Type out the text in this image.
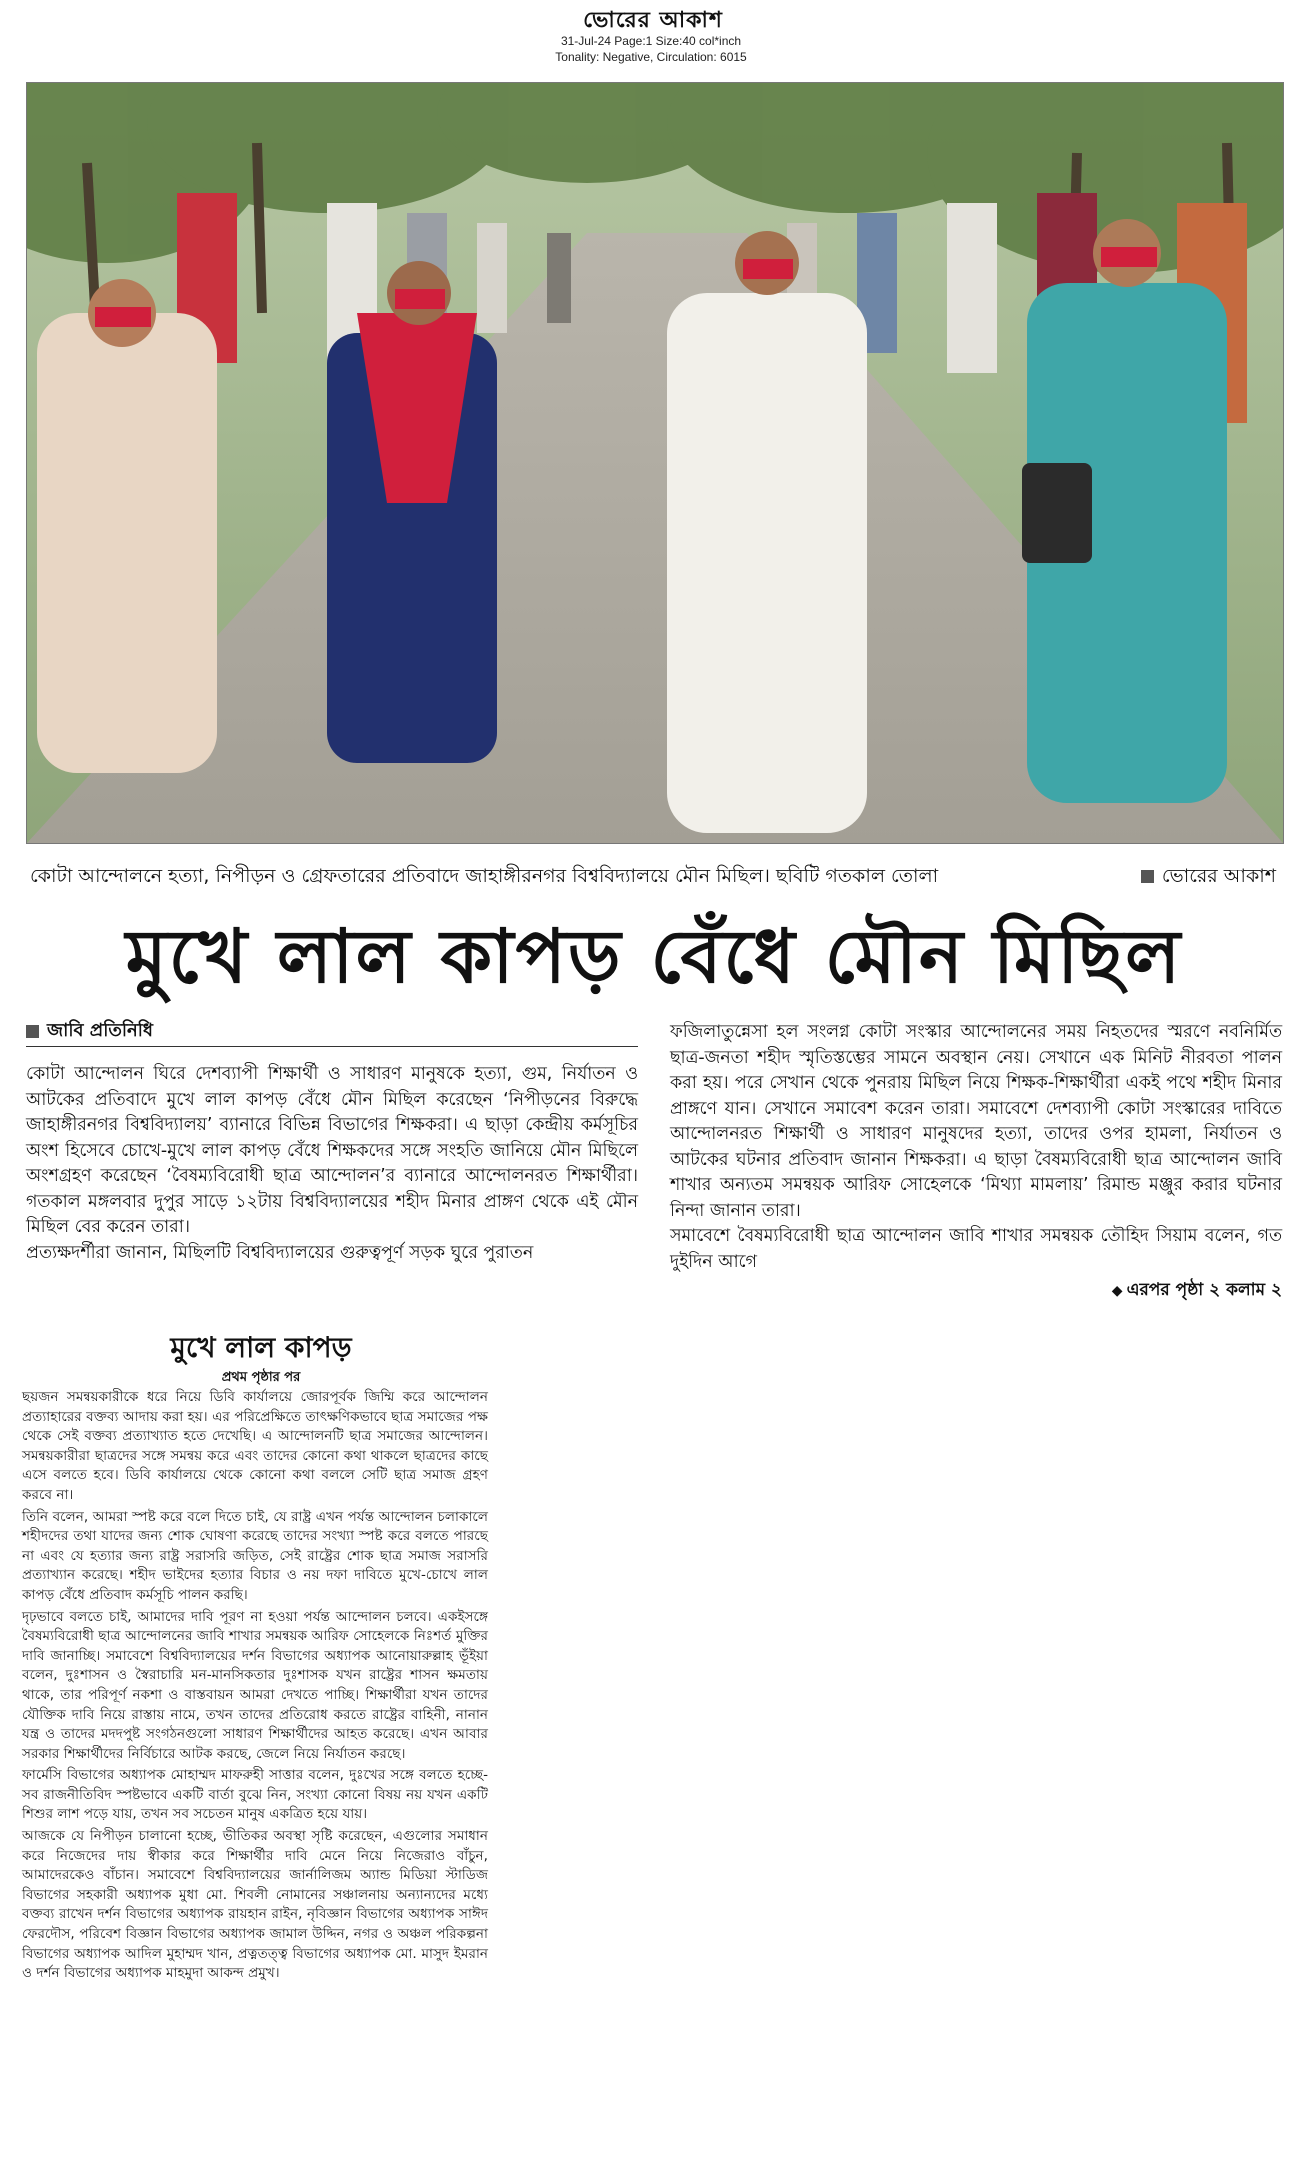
ভোরের আকাশ
31-Jul-24 Page:1 Size:40 col*inch
Tonality: Negative, Circulation: 6015
কোটা আন্দোলনে হত্যা, নিপীড়ন ও গ্রেফতারের প্রতিবাদে জাহাঙ্গীরনগর বিশ্ববিদ্যালয়ে মৌন মিছিল। ছবিটি গতকাল তোলা	ভোরের আকাশ
মুখে লাল কাপড় বেঁধে মৌন মিছিল
জাবি প্রতিনিধি

কোটা আন্দোলন ঘিরে দেশব্যাপী শিক্ষার্থী ও সাধারণ মানুষকে হত্যা, গুম, নির্যাতন ও আটকের প্রতিবাদে মুখে লাল কাপড় বেঁধে মৌন মিছিল করেছেন ‘নিপীড়নের বিরুদ্ধে জাহাঙ্গীরনগর বিশ্ববিদ্যালয়’ ব্যানারে বিভিন্ন বিভাগের শিক্ষকরা। এ ছাড়া কেন্দ্রীয় কর্মসূচির অংশ হিসেবে চোখে-মুখে লাল কাপড় বেঁধে শিক্ষকদের সঙ্গে সংহতি জানিয়ে মৌন মিছিলে অংশগ্রহণ করেছেন ‘বৈষম্যবিরোধী ছাত্র আন্দোলন’র ব্যানারে আন্দোলনরত শিক্ষার্থীরা। গতকাল মঙ্গলবার দুপুর সাড়ে ১২টায় বিশ্ববিদ্যালয়ের শহীদ মিনার প্রাঙ্গণ থেকে এই মৌন মিছিল বের করেন তারা।

প্রত্যক্ষদর্শীরা জানান, মিছিলটি বিশ্ববিদ্যালয়ের গুরুত্বপূর্ণ সড়ক ঘুরে পুরাতন

ফজিলাতুন্নেসা হল সংলগ্ন কোটা সংস্কার আন্দোলনের সময় নিহতদের স্মরণে নবনির্মিত ছাত্র-জনতা শহীদ স্মৃতিস্তম্ভের সামনে অবস্থান নেয়। সেখানে এক মিনিট নীরবতা পালন করা হয়। পরে সেখান থেকে পুনরায় মিছিল নিয়ে শিক্ষক-শিক্ষার্থীরা একই পথে শহীদ মিনার প্রাঙ্গণে যান। সেখানে সমাবেশ করেন তারা। সমাবেশে দেশব্যাপী কোটা সংস্কারের দাবিতে আন্দোলনরত শিক্ষার্থী ও সাধারণ মানুষদের হত্যা, তাদের ওপর হামলা, নির্যাতন ও আটকের ঘটনার প্রতিবাদ জানান শিক্ষকরা। এ ছাড়া বৈষম্যবিরোধী ছাত্র আন্দোলন জাবি শাখার অন্যতম সমন্বয়ক আরিফ সোহেলকে ‘মিথ্যা মামলায়’ রিমান্ড মঞ্জুর করার ঘটনার নিন্দা জানান তারা।

সমাবেশে বৈষম্যবিরোধী ছাত্র আন্দোলন জাবি শাখার সমন্বয়ক তৌহিদ সিয়াম বলেন, গত দুইদিন আগে

◆ এরপর পৃষ্ঠা ২ কলাম ২
মুখে লাল কাপড়
প্রথম পৃষ্ঠার পর

ছয়জন সমন্বয়কারীকে ধরে নিয়ে ডিবি কার্যালয়ে জোরপূর্বক জিম্মি করে আন্দোলন প্রত্যাহারের বক্তব্য আদায় করা হয়। এর পরিপ্রেক্ষিতে তাৎক্ষণিকভাবে ছাত্র সমাজের পক্ষ থেকে সেই বক্তব্য প্রত্যাখ্যাত হতে দেখেছি। এ আন্দোলনটি ছাত্র সমাজের আন্দোলন। সমন্বয়কারীরা ছাত্রদের সঙ্গে সমন্বয় করে এবং তাদের কোনো কথা থাকলে ছাত্রদের কাছে এসে বলতে হবে। ডিবি কার্যালয়ে থেকে কোনো কথা বললে সেটি ছাত্র সমাজ গ্রহণ করবে না।

তিনি বলেন, আমরা স্পষ্ট করে বলে দিতে চাই, যে রাষ্ট্র এখন পর্যন্ত আন্দোলন চলাকালে শহীদদের তথা যাদের জন্য শোক ঘোষণা করেছে তাদের সংখ্যা স্পষ্ট করে বলতে পারছে না এবং যে হত্যার জন্য রাষ্ট্র সরাসরি জড়িত, সেই রাষ্ট্রের শোক ছাত্র সমাজ সরাসরি প্রত্যাখ্যান করেছে। শহীদ ভাইদের হত্যার বিচার ও নয় দফা দাবিতে মুখে-চোখে লাল কাপড় বেঁধে প্রতিবাদ কর্মসূচি পালন করছি।

দৃঢ়ভাবে বলতে চাই, আমাদের দাবি পূরণ না হওয়া পর্যন্ত আন্দোলন চলবে। একইসঙ্গে বৈষম্যবিরোধী ছাত্র আন্দোলনের জাবি শাখার সমন্বয়ক আরিফ সোহেলকে নিঃশর্ত মুক্তির দাবি জানাচ্ছি। সমাবেশে বিশ্ববিদ্যালয়ের দর্শন বিভাগের অধ্যাপক আনোয়ারুল্লাহ ভূঁইয়া বলেন, দুঃশাসন ও স্বৈরাচারি মন-মানসিকতার দুঃশাসক যখন রাষ্ট্রের শাসন ক্ষমতায় থাকে, তার পরিপূর্ণ নকশা ও বাস্তবায়ন আমরা দেখতে পাচ্ছি। শিক্ষার্থীরা যখন তাদের যৌক্তিক দাবি নিয়ে রাস্তায় নামে, তখন তাদের প্রতিরোধ করতে রাষ্ট্রের বাহিনী, নানান যন্ত্র ও তাদের মদদপুষ্ট সংগঠনগুলো সাধারণ শিক্ষার্থীদের আহত করেছে। এখন আবার সরকার শিক্ষার্থীদের নির্বিচারে আটক করছে, জেলে নিয়ে নির্যাতন করছে।

ফার্মেসি বিভাগের অধ্যাপক মোহাম্মদ মাফরুহী সাত্তার বলেন, দুঃখের সঙ্গে বলতে হচ্ছে- সব রাজনীতিবিদ স্পষ্টভাবে একটি বার্তা বুঝে নিন, সংখ্যা কোনো বিষয় নয় যখন একটি শিশুর লাশ পড়ে যায়, তখন সব সচেতন মানুষ একত্রিত হয়ে যায়।

আজকে যে নিপীড়ন চালানো হচ্ছে, ভীতিকর অবস্থা সৃষ্টি করেছেন, এগুলোর সমাধান করে নিজেদের দায় স্বীকার করে শিক্ষার্থীর দাবি মেনে নিয়ে নিজেরাও বাঁচুন, আমাদেরকেও বাঁচান। সমাবেশে বিশ্ববিদ্যালয়ের জার্নালিজম অ্যান্ড মিডিয়া স্টাডিজ বিভাগের সহকারী অধ্যাপক মুধা মো. শিবলী নোমানের সঞ্চালনায় অন্যান্যদের মধ্যে বক্তব্য রাখেন দর্শন বিভাগের অধ্যাপক রায়হান রাইন, নৃবিজ্ঞান বিভাগের অধ্যাপক সাঈদ ফেরদৌস, পরিবেশ বিজ্ঞান বিভাগের অধ্যাপক জামাল উদ্দিন, নগর ও অঞ্চল পরিকল্পনা বিভাগের অধ্যাপক আদিল মুহাম্মদ খান, প্রত্নতত্ত্ব বিভাগের অধ্যাপক মো. মাসুদ ইমরান ও দর্শন বিভাগের অধ্যাপক মাহমুদা আকন্দ প্রমুখ।
